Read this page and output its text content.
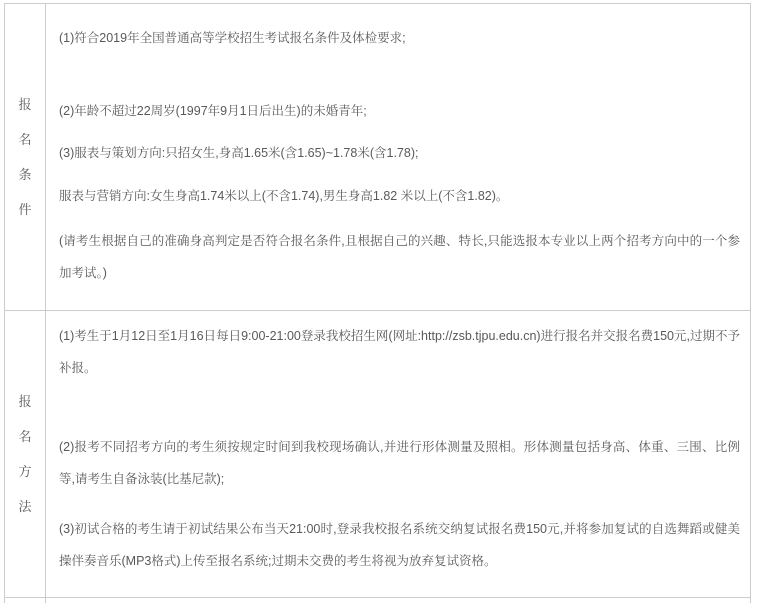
报
名
条
件

(1)符合2019年全国普通高等学校招生考试报名条件及体检要求;

(2)年龄不超过22周岁(1997年9月1日后出生)的未婚青年;

(3)服表与策划方向:只招女生,身高1.65米(含1.65)~1.78米(含1.78);

服表与营销方向:女生身高1.74米以上(不含1.74),男生身高1.82 米以上(不含1.82)。

(请考生根据自己的准确身高判定是否符合报名条件,且根据自己的兴趣、特长,只能选报本专业以上两个招考方向中的一个参加考试。)

报
名
方
法

(1)考生于1月12日至1月16日每日9:00-21:00登录我校招生网(网址:http://zsb.tjpu.edu.cn)进行报名并交报名费150元,过期不予补报。

(2)报考不同招考方向的考生须按规定时间到我校现场确认,并进行形体测量及照相。形体测量包括身高、体重、三围、比例等,请考生自备泳装(比基尼款);

(3)初试合格的考生请于初试结果公布当天21:00时,登录我校报名系统交纳复试报名费150元,并将参加复试的自选舞蹈或健美操伴奏音乐(MP3格式)上传至报名系统;过期未交费的考生将视为放弃复试资格。
